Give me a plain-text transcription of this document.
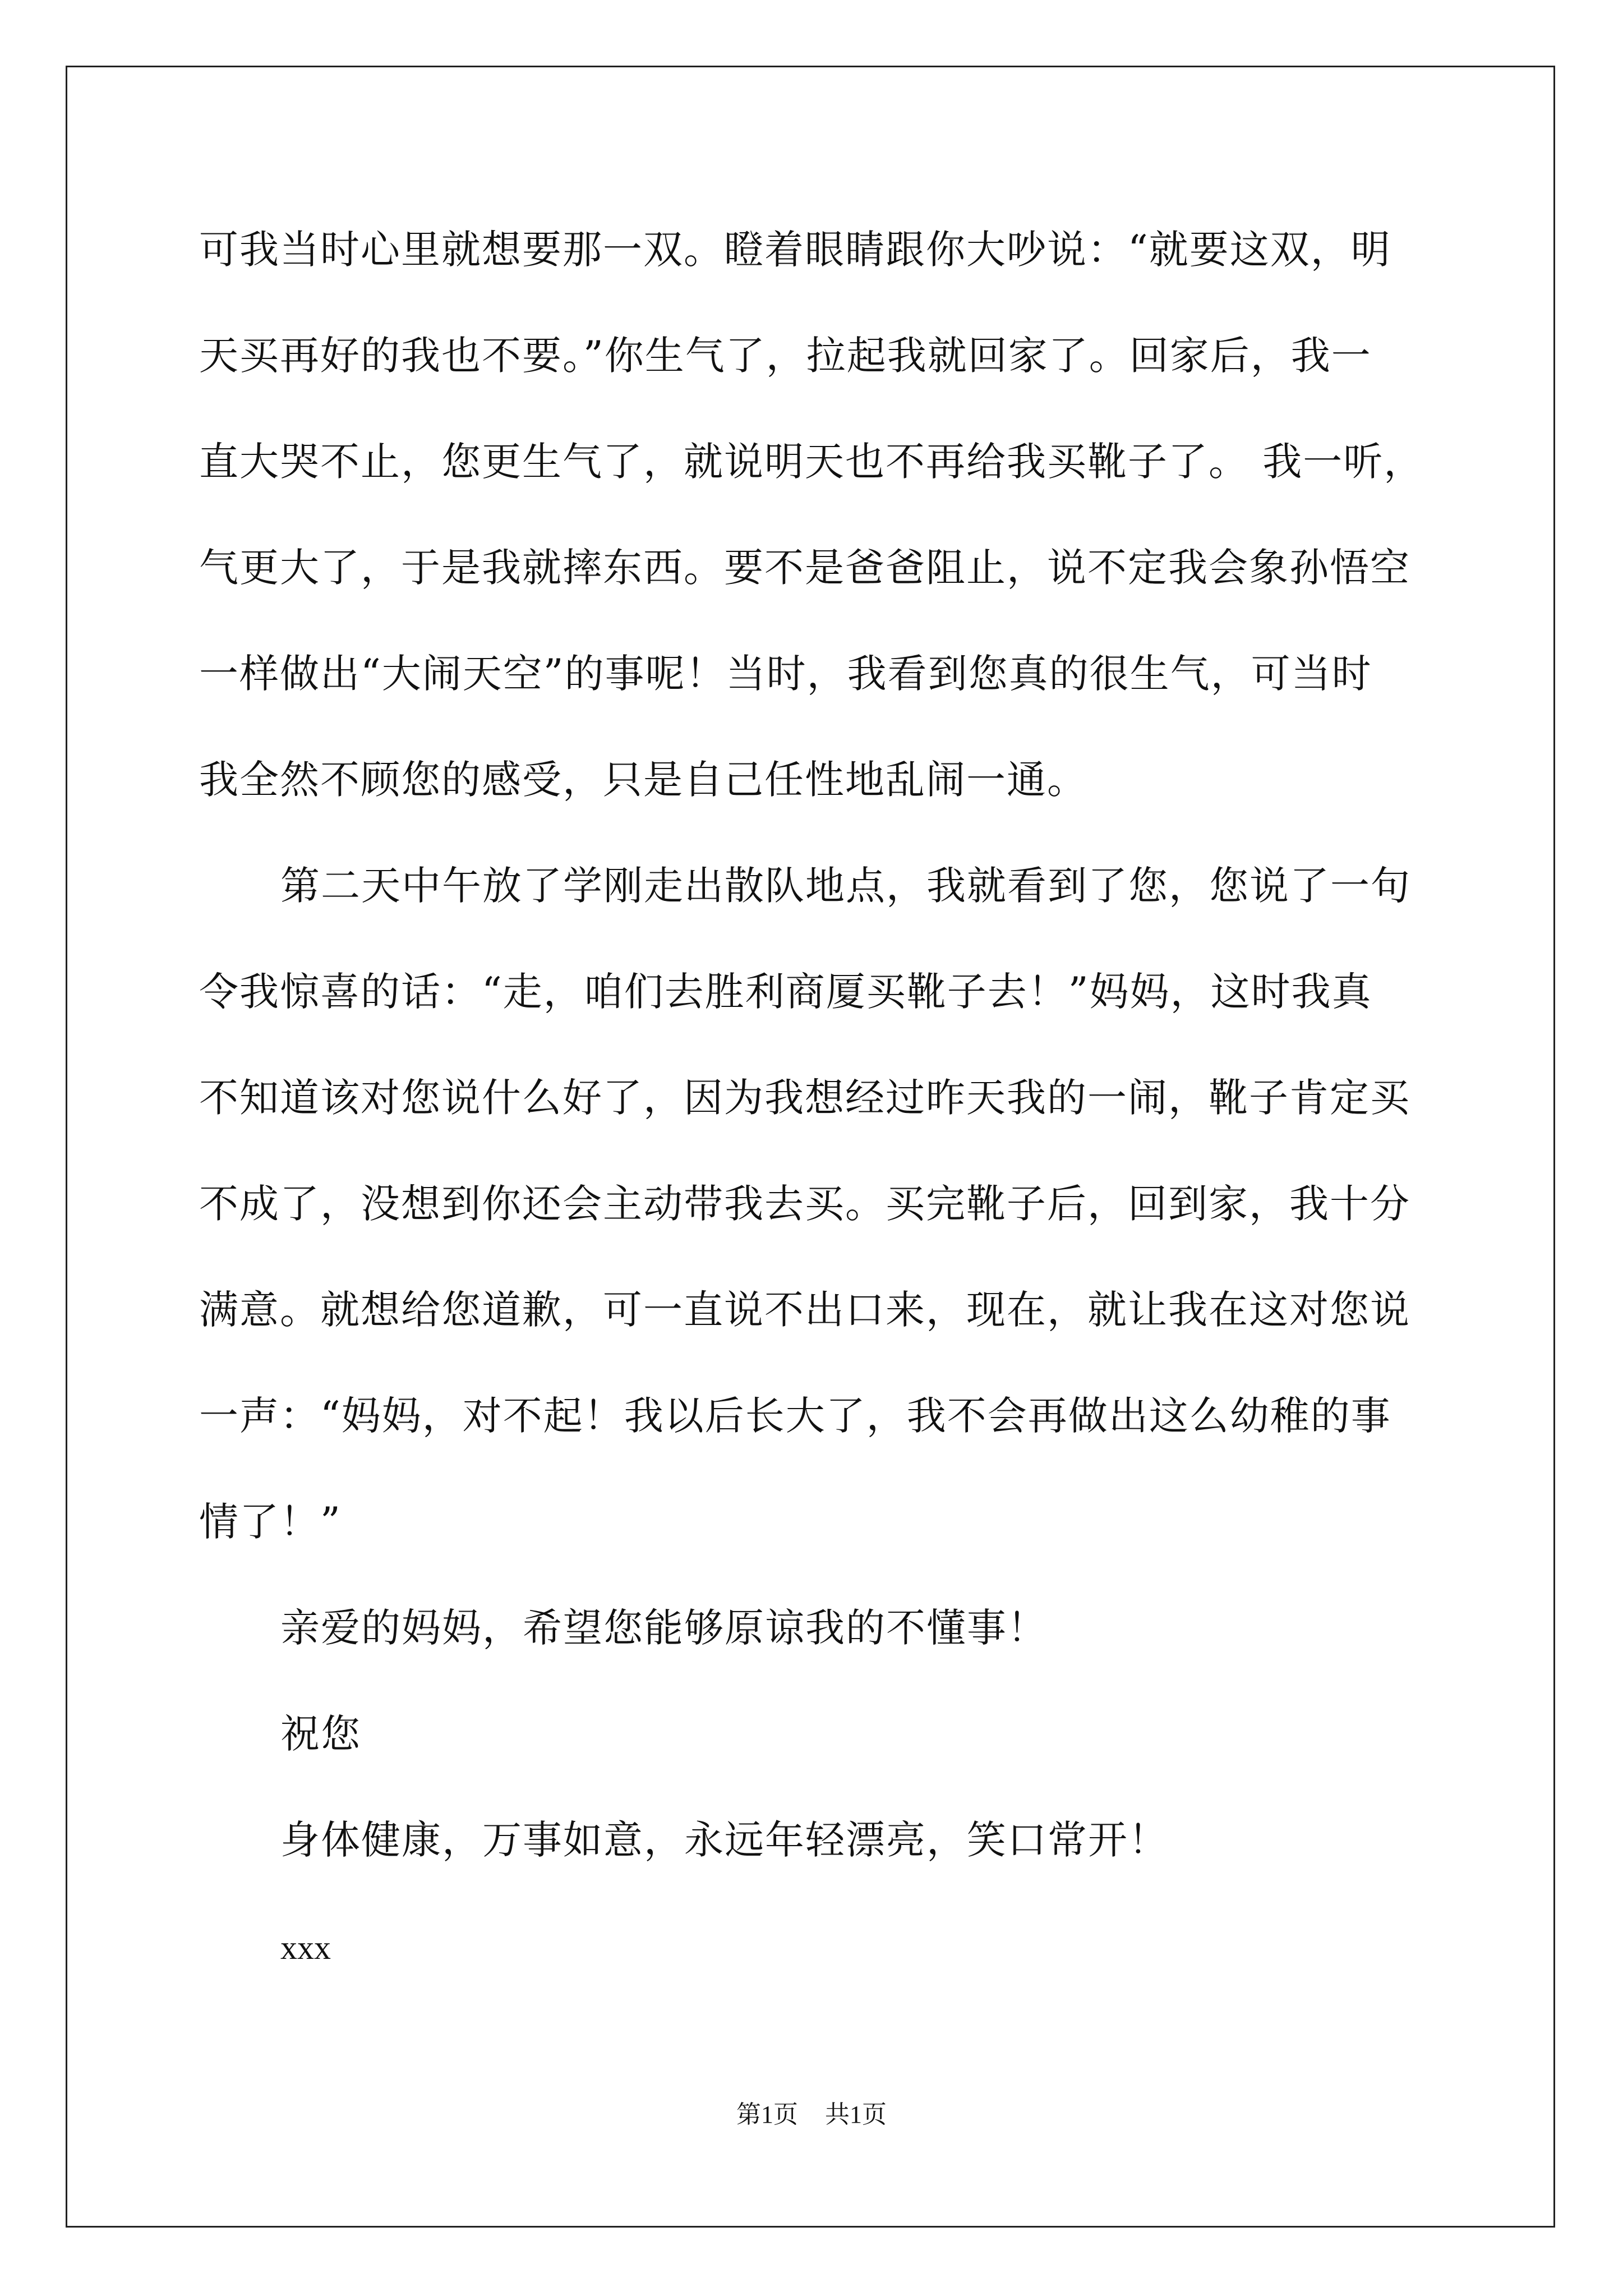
可我当时心里就想要那一双。瞪着眼睛跟你大吵说：“就要这双，明
天买再好的我也不要。”你生气了，拉起我就回家了。回家后，我一
直大哭不止，您更生气了，就说明天也不再给我买靴子了。 我一听，
气更大了，于是我就摔东西。要不是爸爸阻止，说不定我会象孙悟空
一样做出“大闹天空”的事呢！当时，我看到您真的很生气，可当时
我全然不顾您的感受，只是自己任性地乱闹一通。
第二天中午放了学刚走出散队地点，我就看到了您，您说了一句
令我惊喜的话：“走，咱们去胜利商厦买靴子去！”妈妈，这时我真
不知道该对您说什么好了，因为我想经过昨天我的一闹，靴子肯定买
不成了，没想到你还会主动带我去买。买完靴子后，回到家，我十分
满意。就想给您道歉，可一直说不出口来，现在，就让我在这对您说
一声：“妈妈，对不起！我以后长大了，我不会再做出这么幼稚的事
情了！”
亲爱的妈妈，希望您能够原谅我的不懂事！
祝您
身体健康，万事如意，永远年轻漂亮，笑口常开！
xxx
第1页 共1页
